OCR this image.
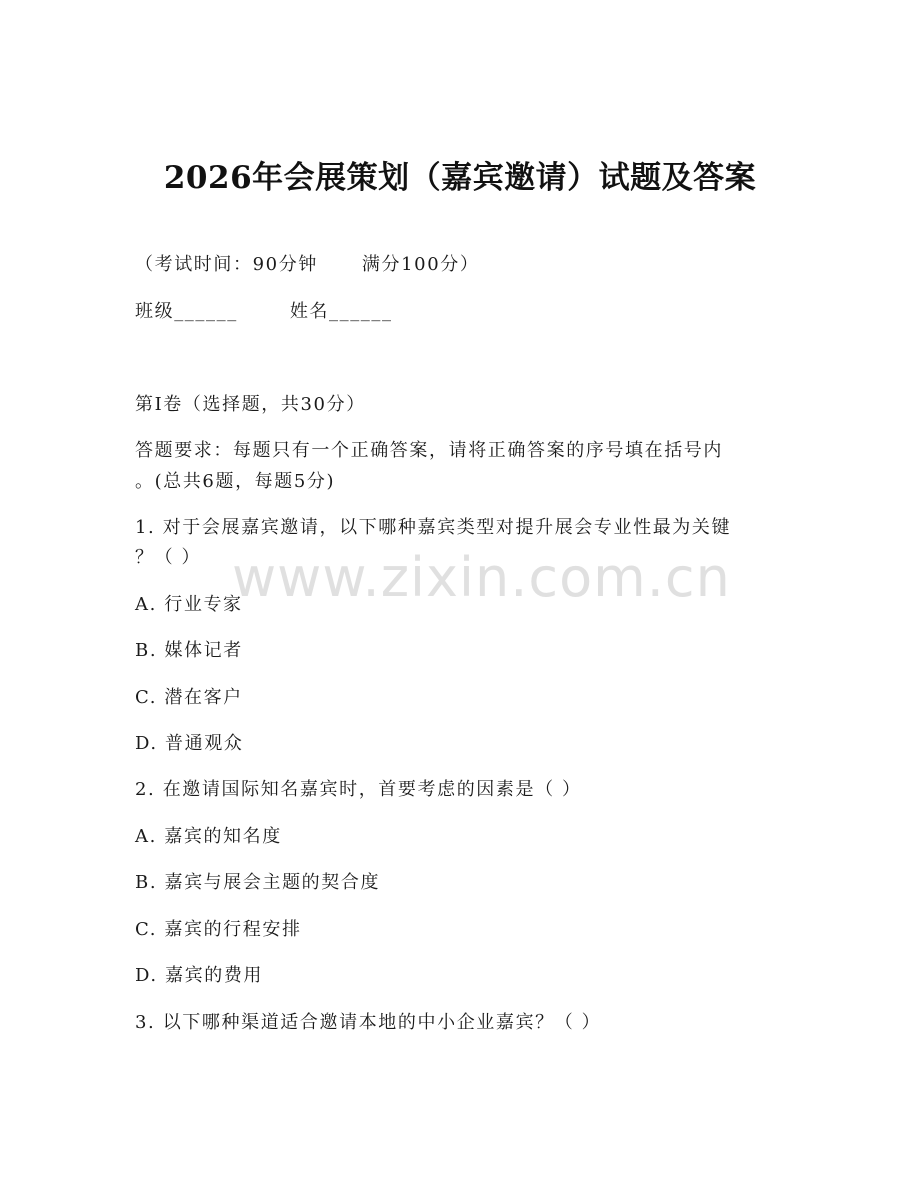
www.zixin.com.cn
2026年会展策划（嘉宾邀请）试题及答案
（考试时间：90分钟 满分100分）
班级______	姓名______
第I卷（选择题，共30分）
答题要求：每题只有一个正确答案，请将正确答案的序号填在括号内
。(总共6题，每题5分)
1. 对于会展嘉宾邀请，以下哪种嘉宾类型对提升展会专业性最为关键
？（ ）
A. 行业专家
B. 媒体记者
C. 潜在客户
D. 普通观众
2. 在邀请国际知名嘉宾时，首要考虑的因素是（ ）
A. 嘉宾的知名度
B. 嘉宾与展会主题的契合度
C. 嘉宾的行程安排
D. 嘉宾的费用
3. 以下哪种渠道适合邀请本地的中小企业嘉宾？（ ）
